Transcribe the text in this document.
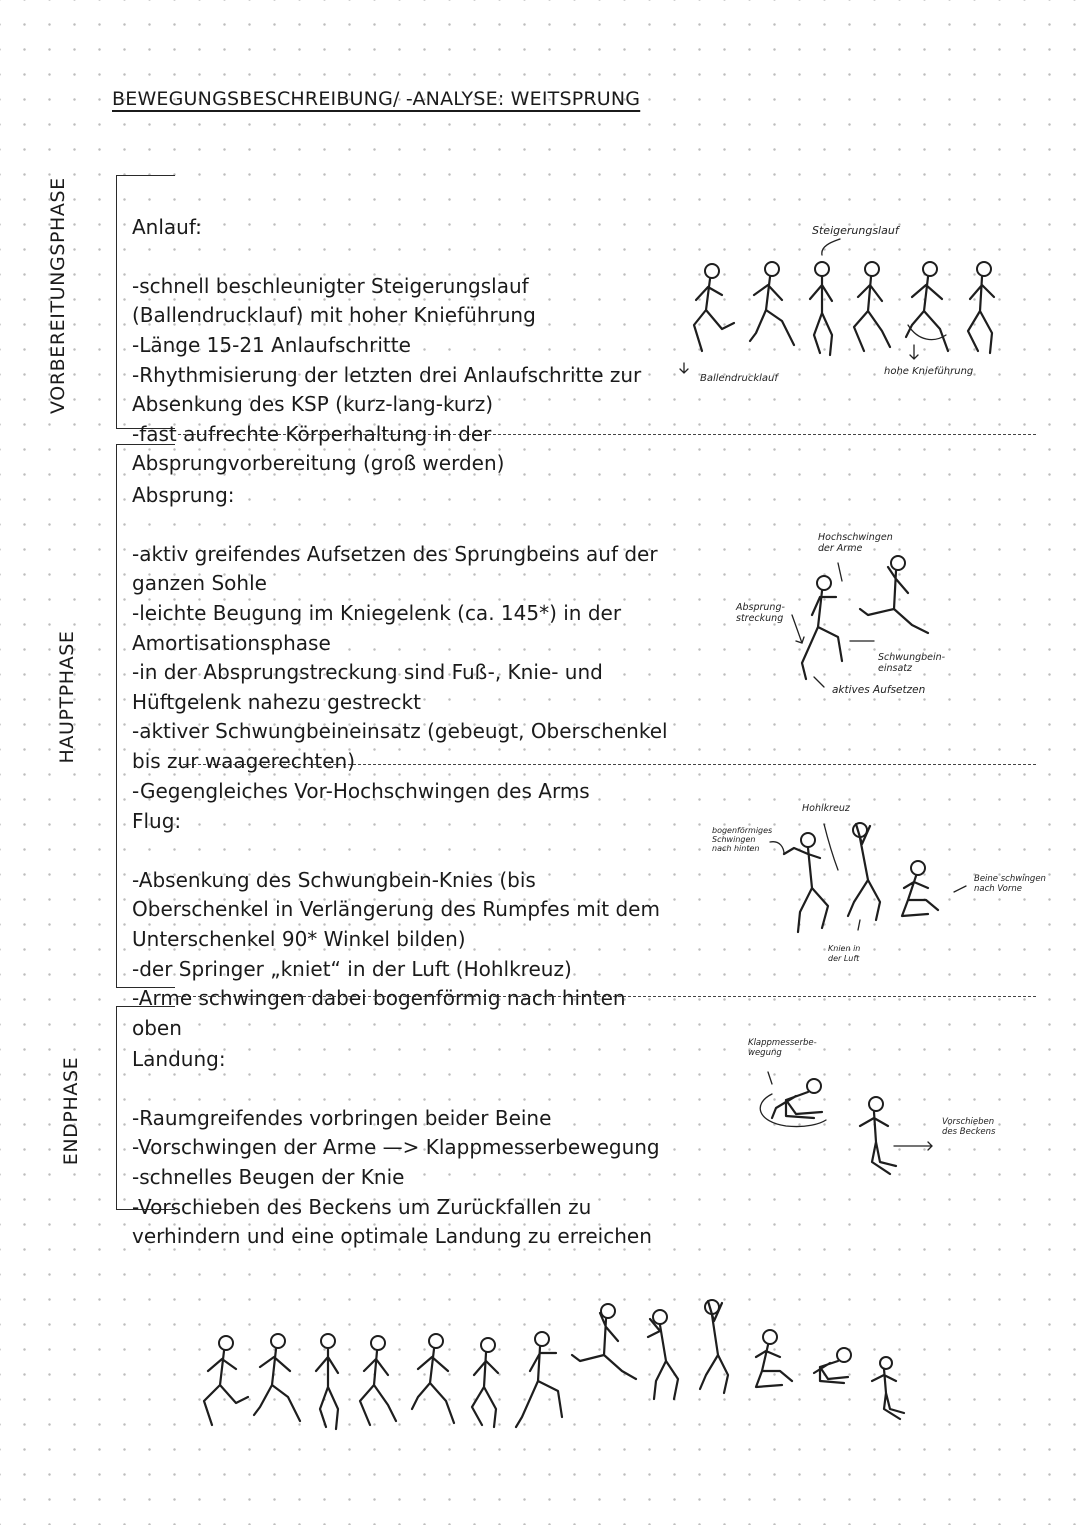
BEWEGUNGSBESCHREIBUNG/ -ANALYSE: WEITSPRUNG
VORBEREITUNGSPHASE
HAUPTPHASE
ENDPHASE

Anlauf:

-schnell beschleunigter Steigerungslauf
(Ballendrucklauf) mit hoher Knieführung
-Länge 15-21 Anlaufschritte
-Rhythmisierung der letzten drei Anlaufschritte zur
Absenkung des KSP (kurz-lang-kurz)
-fast aufrechte Körperhaltung in der
Absprungvorbereitung (groß werden)

Absprung:

-aktiv greifendes Aufsetzen des Sprungbeins auf der
ganzen Sohle
-leichte Beugung im Kniegelenk (ca. 145*) in der
Amortisationsphase
-in der Absprungstreckung sind Fuß-, Knie- und
Hüftgelenk nahezu gestreckt
-aktiver Schwungbeineinsatz (gebeugt, Oberschenkel
bis zur waagerechten)
-Gegengleiches Vor-Hochschwingen des Arms

Flug:

-Absenkung des Schwungbein-Knies (bis
Oberschenkel in Verlängerung des Rumpfes mit dem
Unterschenkel 90* Winkel bilden)
-der Springer „kniet“ in der Luft (Hohlkreuz)
-Arme schwingen dabei bogenförmig nach hinten
oben

Landung:

-Raumgreifendes vorbringen beider Beine
-Vorschwingen der Arme —> Klappmesserbewegung
-schnelles Beugen der Knie
-Vorschieben des Beckens um Zurückfallen zu
verhindern und eine optimale Landung zu erreichen

Steigerungslauf
Ballendrucklauf
hohe Knieführung
Hochschwingen
der Arme
Absprung-
streckung
Schwungbein-
einsatz
aktives Aufsetzen
Hohlkreuz
bogenförmiges
Schwingen
nach hinten
Knien in
der Luft
Beine schwingen
nach Vorne
Klappmesserbe-
wegung
Vorschieben
des Beckens
